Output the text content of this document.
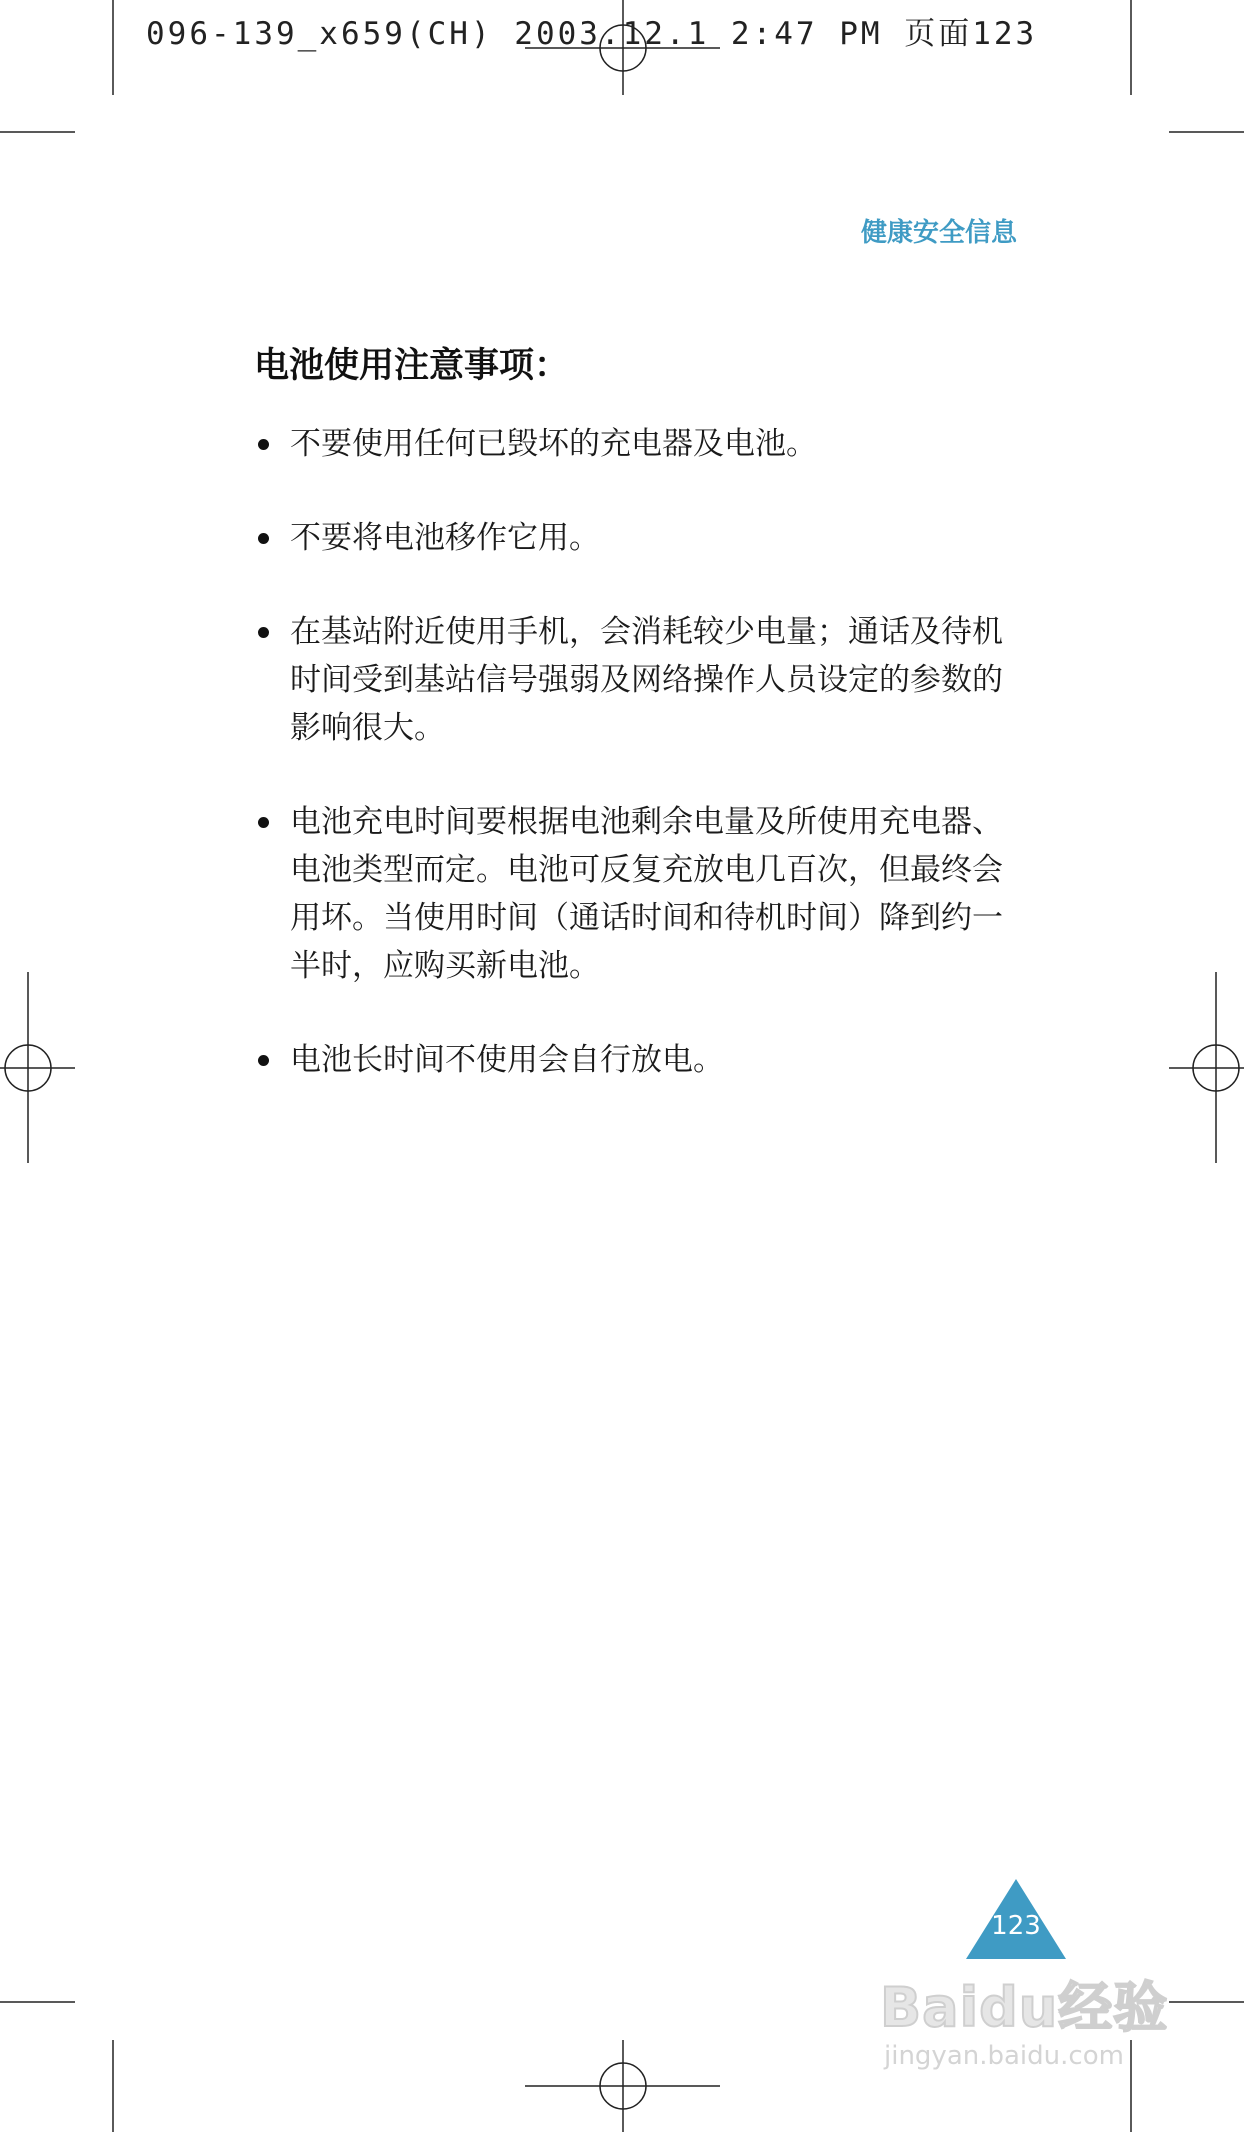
096-139_x659(CH) 2003.12.1 2:47 PM 页面123
健康安全信息
电池使用注意事项：
不要使用任何已毁坏的充电器及电池。
不要将电池移作它用。
在基站附近使用手机，会消耗较少电量；通话及待机时间受到基站信号强弱及网络操作人员设定的参数的影响很大。
电池充电时间要根据电池剩余电量及所使用充电器、电池类型而定。电池可反复充放电几百次，但最终会用坏。当使用时间（通话时间和待机时间）降到约一半时，应购买新电池。
电池长时间不使用会自行放电。
123
Baidu经验
jingyan.baidu.com
